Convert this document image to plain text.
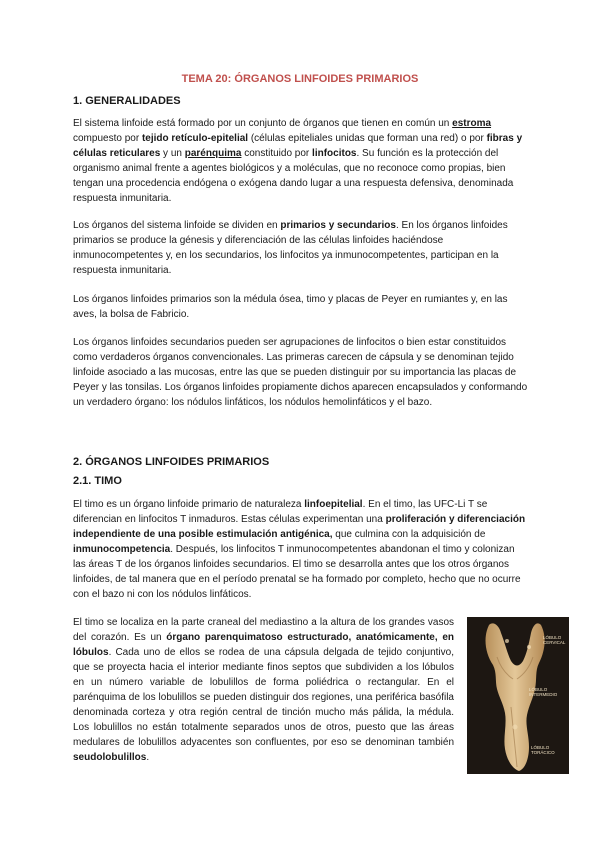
TEMA 20: ÓRGANOS LINFOIDES PRIMARIOS
1. GENERALIDADES

El sistema linfoide está formado por un conjunto de órganos que tienen en común un estroma compuesto por tejido retículo-epitelial (células epiteliales unidas que forman una red) o por fibras y células reticulares y un parénquima constituido por linfocitos. Su función es la protección del organismo animal frente a agentes biológicos y a moléculas, que no reconoce como propias, bien tengan una procedencia endógena o exógena dando lugar a una respuesta defensiva, denominada respuesta inmunitaria.

Los órganos del sistema linfoide se dividen en primarios y secundarios. En los órganos linfoides primarios se produce la génesis y diferenciación de las células linfoides haciéndose inmunocompetentes y, en los secundarios, los linfocitos ya inmunocompetentes, participan en la respuesta inmunitaria.

Los órganos linfoides primarios son la médula ósea, timo y placas de Peyer en rumiantes y, en las aves, la bolsa de Fabricio.

Los órganos linfoides secundarios pueden ser agrupaciones de linfocitos o bien estar constituidos como verdaderos órganos convencionales. Las primeras carecen de cápsula y se denominan tejido linfoide asociado a las mucosas, entre las que se pueden distinguir por su importancia las placas de Peyer y las tonsilas. Los órganos linfoides propiamente dichos aparecen encapsulados y conformando un verdadero órgano: los nódulos linfáticos, los nódulos hemolinfáticos y el bazo.

2. ÓRGANOS LINFOIDES PRIMARIOS
2.1. TIMO

El timo es un órgano linfoide primario de naturaleza linfoepitelial. En el timo, las UFC-Li T se diferencian en linfocitos T inmaduros. Estas células experimentan una proliferación y diferenciación independiente de una posible estimulación antigénica, que culmina con la adquisición de inmunocompetencia. Después, los linfocitos T inmunocompetentes abandonan el timo y colonizan las áreas T de los órganos linfoides secundarios. El timo se desarrolla antes que los otros órganos linfoides, de tal manera que en el período prenatal se ha formado por completo, hecho que no ocurre con el bazo ni con los nódulos linfáticos.

El timo se localiza en la parte craneal del mediastino a la altura de los grandes vasos del corazón. Es un órgano parenquimatoso estructurado, anatómicamente, en lóbulos. Cada uno de ellos se rodea de una cápsula delgada de tejido conjuntivo, que se proyecta hacia el interior mediante finos septos que subdividen a los lóbulos en un número variable de lobulillos de forma poliédrica o rectangular. En el parénquima de los lobulillos se pueden distinguir dos regiones, una periférica basófila denominada corteza y otra región central de tinción mucho más pálida, la médula. Los lobulillos no están totalmente separados unos de otros, puesto que las áreas medulares de lobulillos adyacentes son confluentes, por eso se denominan también seudolobulillos.

LÓBULO CERVICAL
LÓBULO INTERMEDIO
LÓBULO TORÁCICO
